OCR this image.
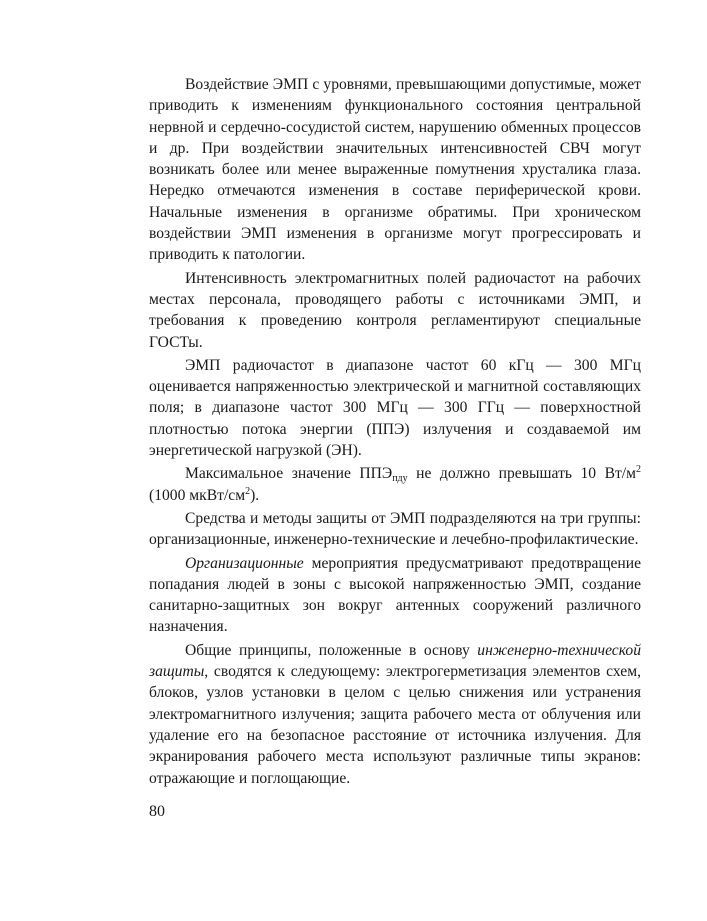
Воздействие ЭМП с уровнями, превышающими допустимые, может приводить к изменениям функционального состояния центральной нервной и сердечно-сосудистой систем, нарушению обменных процессов и др. При воздействии значительных интенсивностей СВЧ могут возникать более или менее выраженные помутнения хрусталика глаза. Нередко отмечаются изменения в составе периферической крови. Начальные изменения в организме обратимы. При хроническом воздействии ЭМП изменения в организме могут прогрессировать и приводить к патологии.

Интенсивность электромагнитных полей радиочастот на рабочих местах персонала, проводящего работы с источниками ЭМП, и требования к проведению контроля регламентируют специальные ГОСТы.

ЭМП радиочастот в диапазоне частот 60 кГц — 300 МГц оценивается напряженностью электрической и магнитной составляющих поля; в диапазоне частот 300 МГц — 300 ГГц — поверхностной плотностью потока энергии (ППЭ) излучения и создаваемой им энергетической нагрузкой (ЭН).

Максимальное значение $ППЭ_{пду}$ не должно превышать 10 $Вт/м^2$ (1000 мкВт/$см^2$).

Средства и методы защиты от ЭМП подразделяются на три группы: организационные, инженерно-технические и лечебно-профилактические.

Организационные мероприятия предусматривают предотвращение попадания людей в зоны с высокой напряженностью ЭМП, создание санитарно-защитных зон вокруг антенных сооружений различного назначения.

Общие принципы, положенные в основу инженерно-технической защиты, сводятся к следующему: электрогерметизация элементов схем, блоков, узлов установки в целом с целью снижения или устранения электромагнитного излучения; защита рабочего места от облучения или удаление его на безопасное расстояние от источника излучения. Для экранирования рабочего места используют различные типы экранов: отражающие и поглощающие.

80
